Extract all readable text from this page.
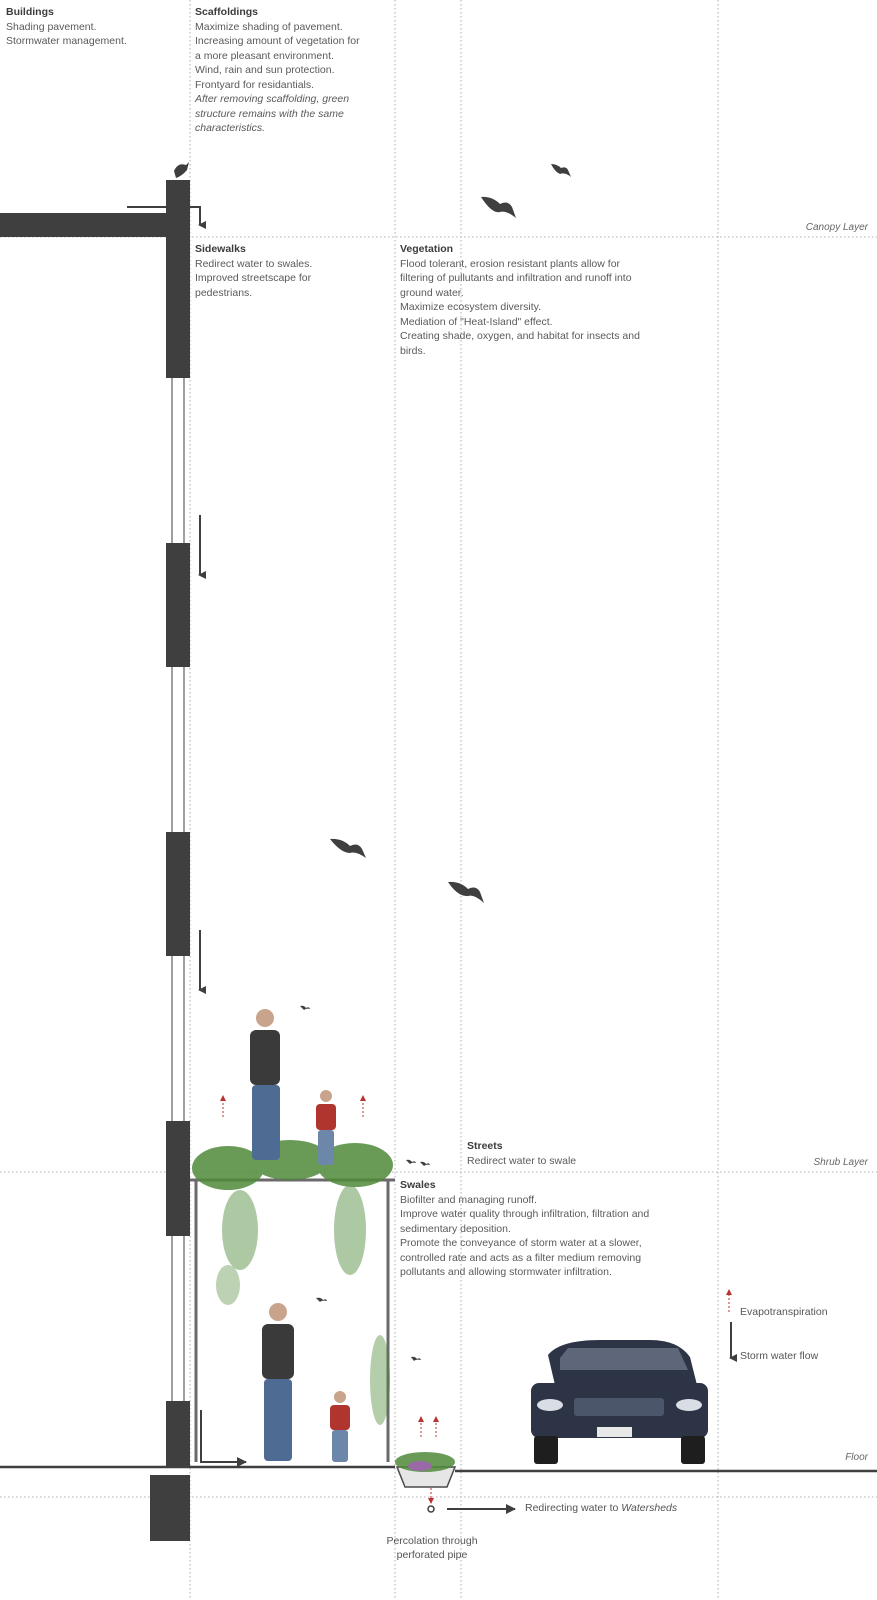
Buildings
Shading pavement.
Stormwater management.
Scaffoldings
Maximize shading of pavement.
Increasing amount of vegetation for
a more pleasant environment.
Wind, rain and sun protection.
Frontyard for residantials.
After removing scaffolding, green
structure remains with the same
characteristics.
Sidewalks
Redirect water to swales.
Improved streetscape for
pedestrians.
Vegetation
Flood tolerant, erosion resistant plants allow for
filtering of pullutants and infiltration and runoff into
ground water.
Maximize ecosystem diversity.
Mediation of "Heat-Island" effect.
Creating shade, oxygen, and habitat for insects and
birds.
Streets
Redirect water to swale
Swales
Biofilter and managing runoff.
Improve water quality through infiltration, filtration and
sedimentary deposition.
Promote the conveyance of storm water at a slower,
controlled rate and acts as a filter medium removing
pollutants and allowing stormwater infiltration.
Canopy Layer
Shrub Layer
Floor
Evapotranspiration
Storm water flow
Redirecting water to Watersheds
Percolation through
perforated pipe
